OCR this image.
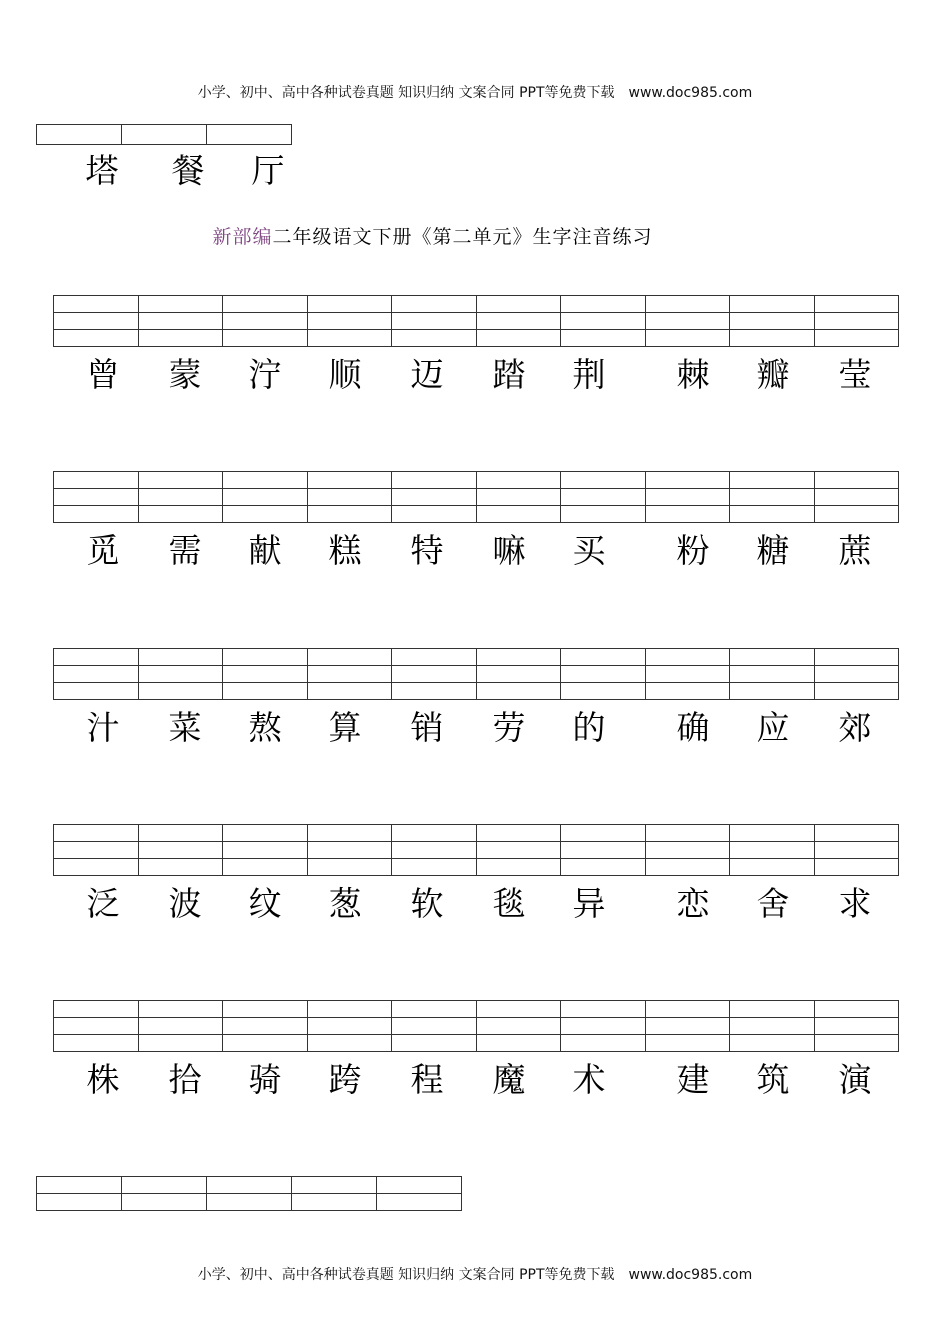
小学、初中、高中各种试卷真题 知识归纳 文案合同 PPT等免费下载 www.doc985.com

塔	餐	厅
新部编二年级语文下册《第二单元》生字注音练习

曾	蒙	泞	顺	迈	踏	荆	棘	瓣	莹

觅	需	献	糕	特	嘛	买	粉	糖	蔗

汁	菜	熬	算	销	劳	的	确	应	郊

泛	波	纹	葱	软	毯	异	恋	舍	求

株	拾	骑	跨	程	魔	术	建	筑	演

小学、初中、高中各种试卷真题 知识归纳 文案合同 PPT等免费下载 www.doc985.com
